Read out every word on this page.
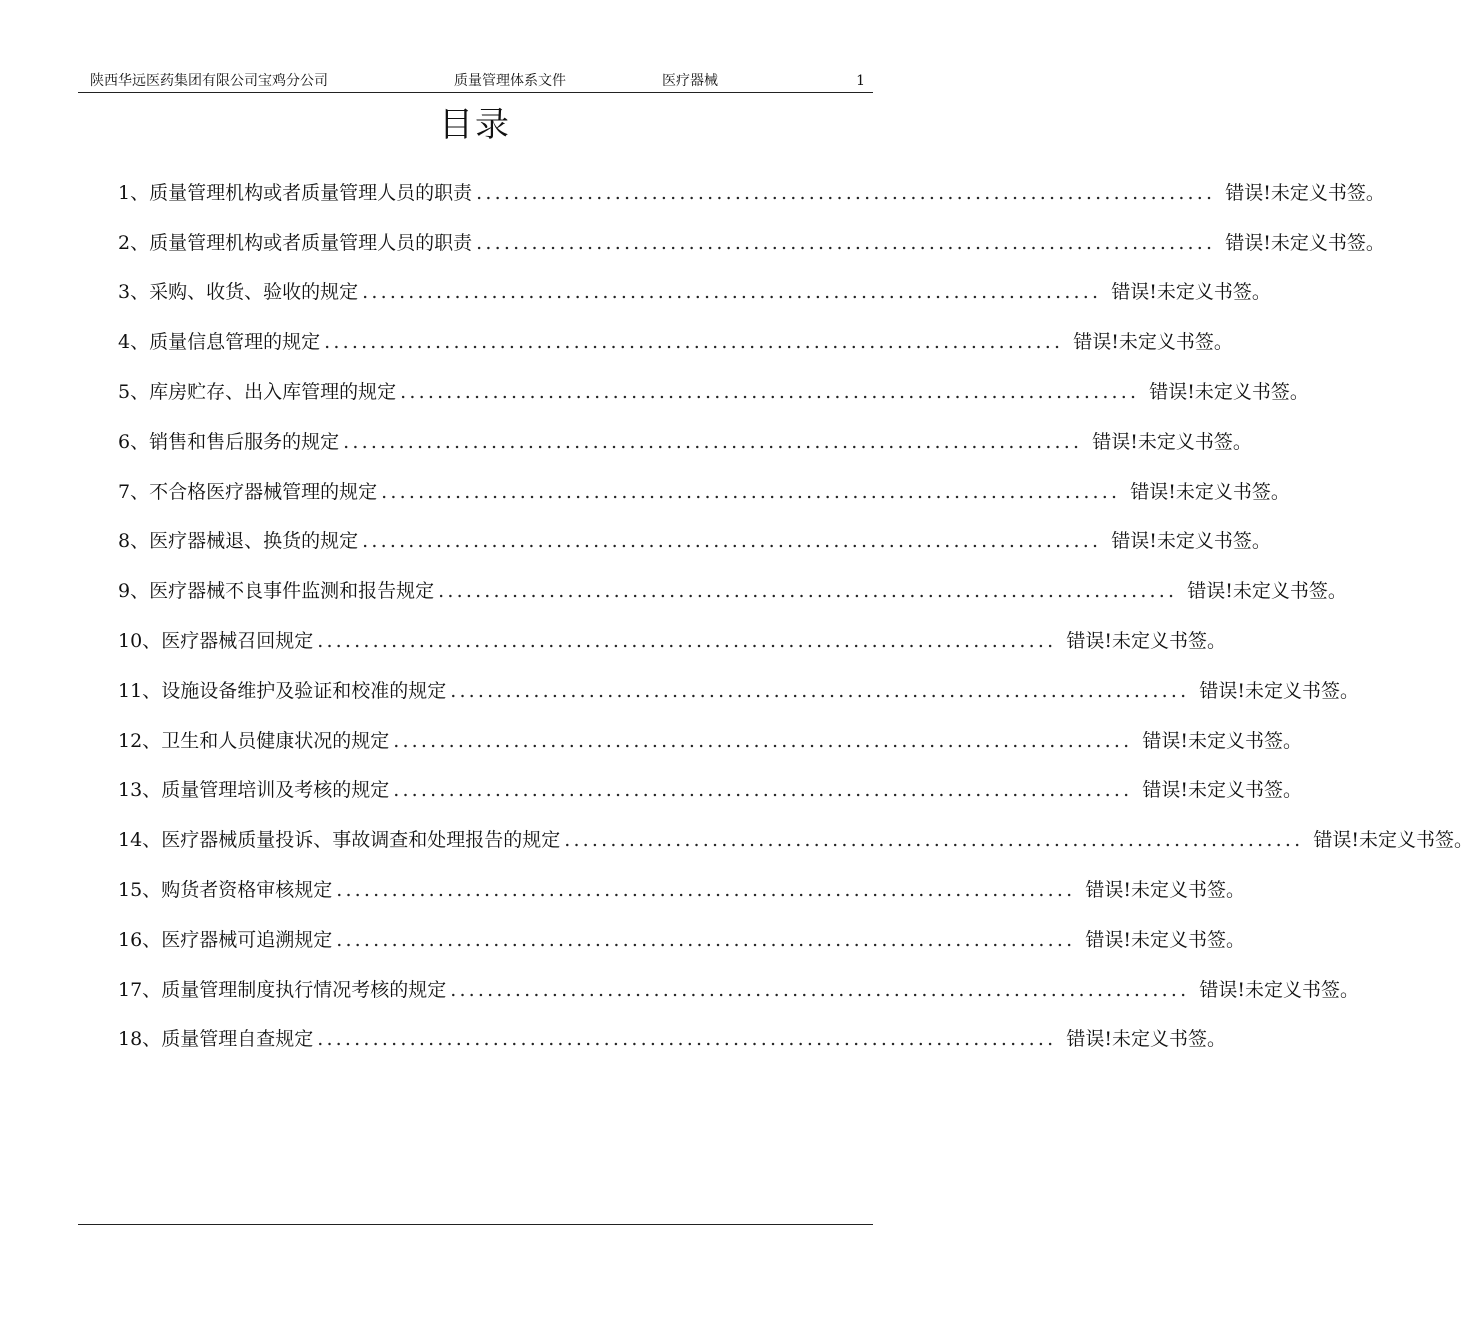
陕西华远医药集团有限公司宝鸡分公司	质量管理体系文件	医疗器械	1
目录
1、 质量管理机构或者质量管理人员的职责 ................................................................................ 错误!未定义书签。
2、 质量管理机构或者质量管理人员的职责 ................................................................................ 错误!未定义书签。
3、 采购、收货、验收的规定 ................................................................................ 错误!未定义书签。
4、 质量信息管理的规定 ................................................................................ 错误!未定义书签。
5、 库房贮存、出入库管理的规定 ................................................................................ 错误!未定义书签。
6、 销售和售后服务的规定 ................................................................................ 错误!未定义书签。
7、 不合格医疗器械管理的规定 ................................................................................ 错误!未定义书签。
8、 医疗器械退、换货的规定 ................................................................................ 错误!未定义书签。
9、 医疗器械不良事件监测和报告规定 ................................................................................ 错误!未定义书签。
10、 医疗器械召回规定 ................................................................................ 错误!未定义书签。
11、 设施设备维护及验证和校准的规定 ................................................................................ 错误!未定义书签。
12、 卫生和人员健康状况的规定 ................................................................................ 错误!未定义书签。
13、 质量管理培训及考核的规定 ................................................................................ 错误!未定义书签。
14、 医疗器械质量投诉、事故调查和处理报告的规定 ................................................................................ 错误!未定义书签。
15、 购货者资格审核规定 ................................................................................ 错误!未定义书签。
16、 医疗器械可追溯规定 ................................................................................ 错误!未定义书签。
17、 质量管理制度执行情况考核的规定 ................................................................................ 错误!未定义书签。
18、 质量管理自查规定 ................................................................................ 错误!未定义书签。
